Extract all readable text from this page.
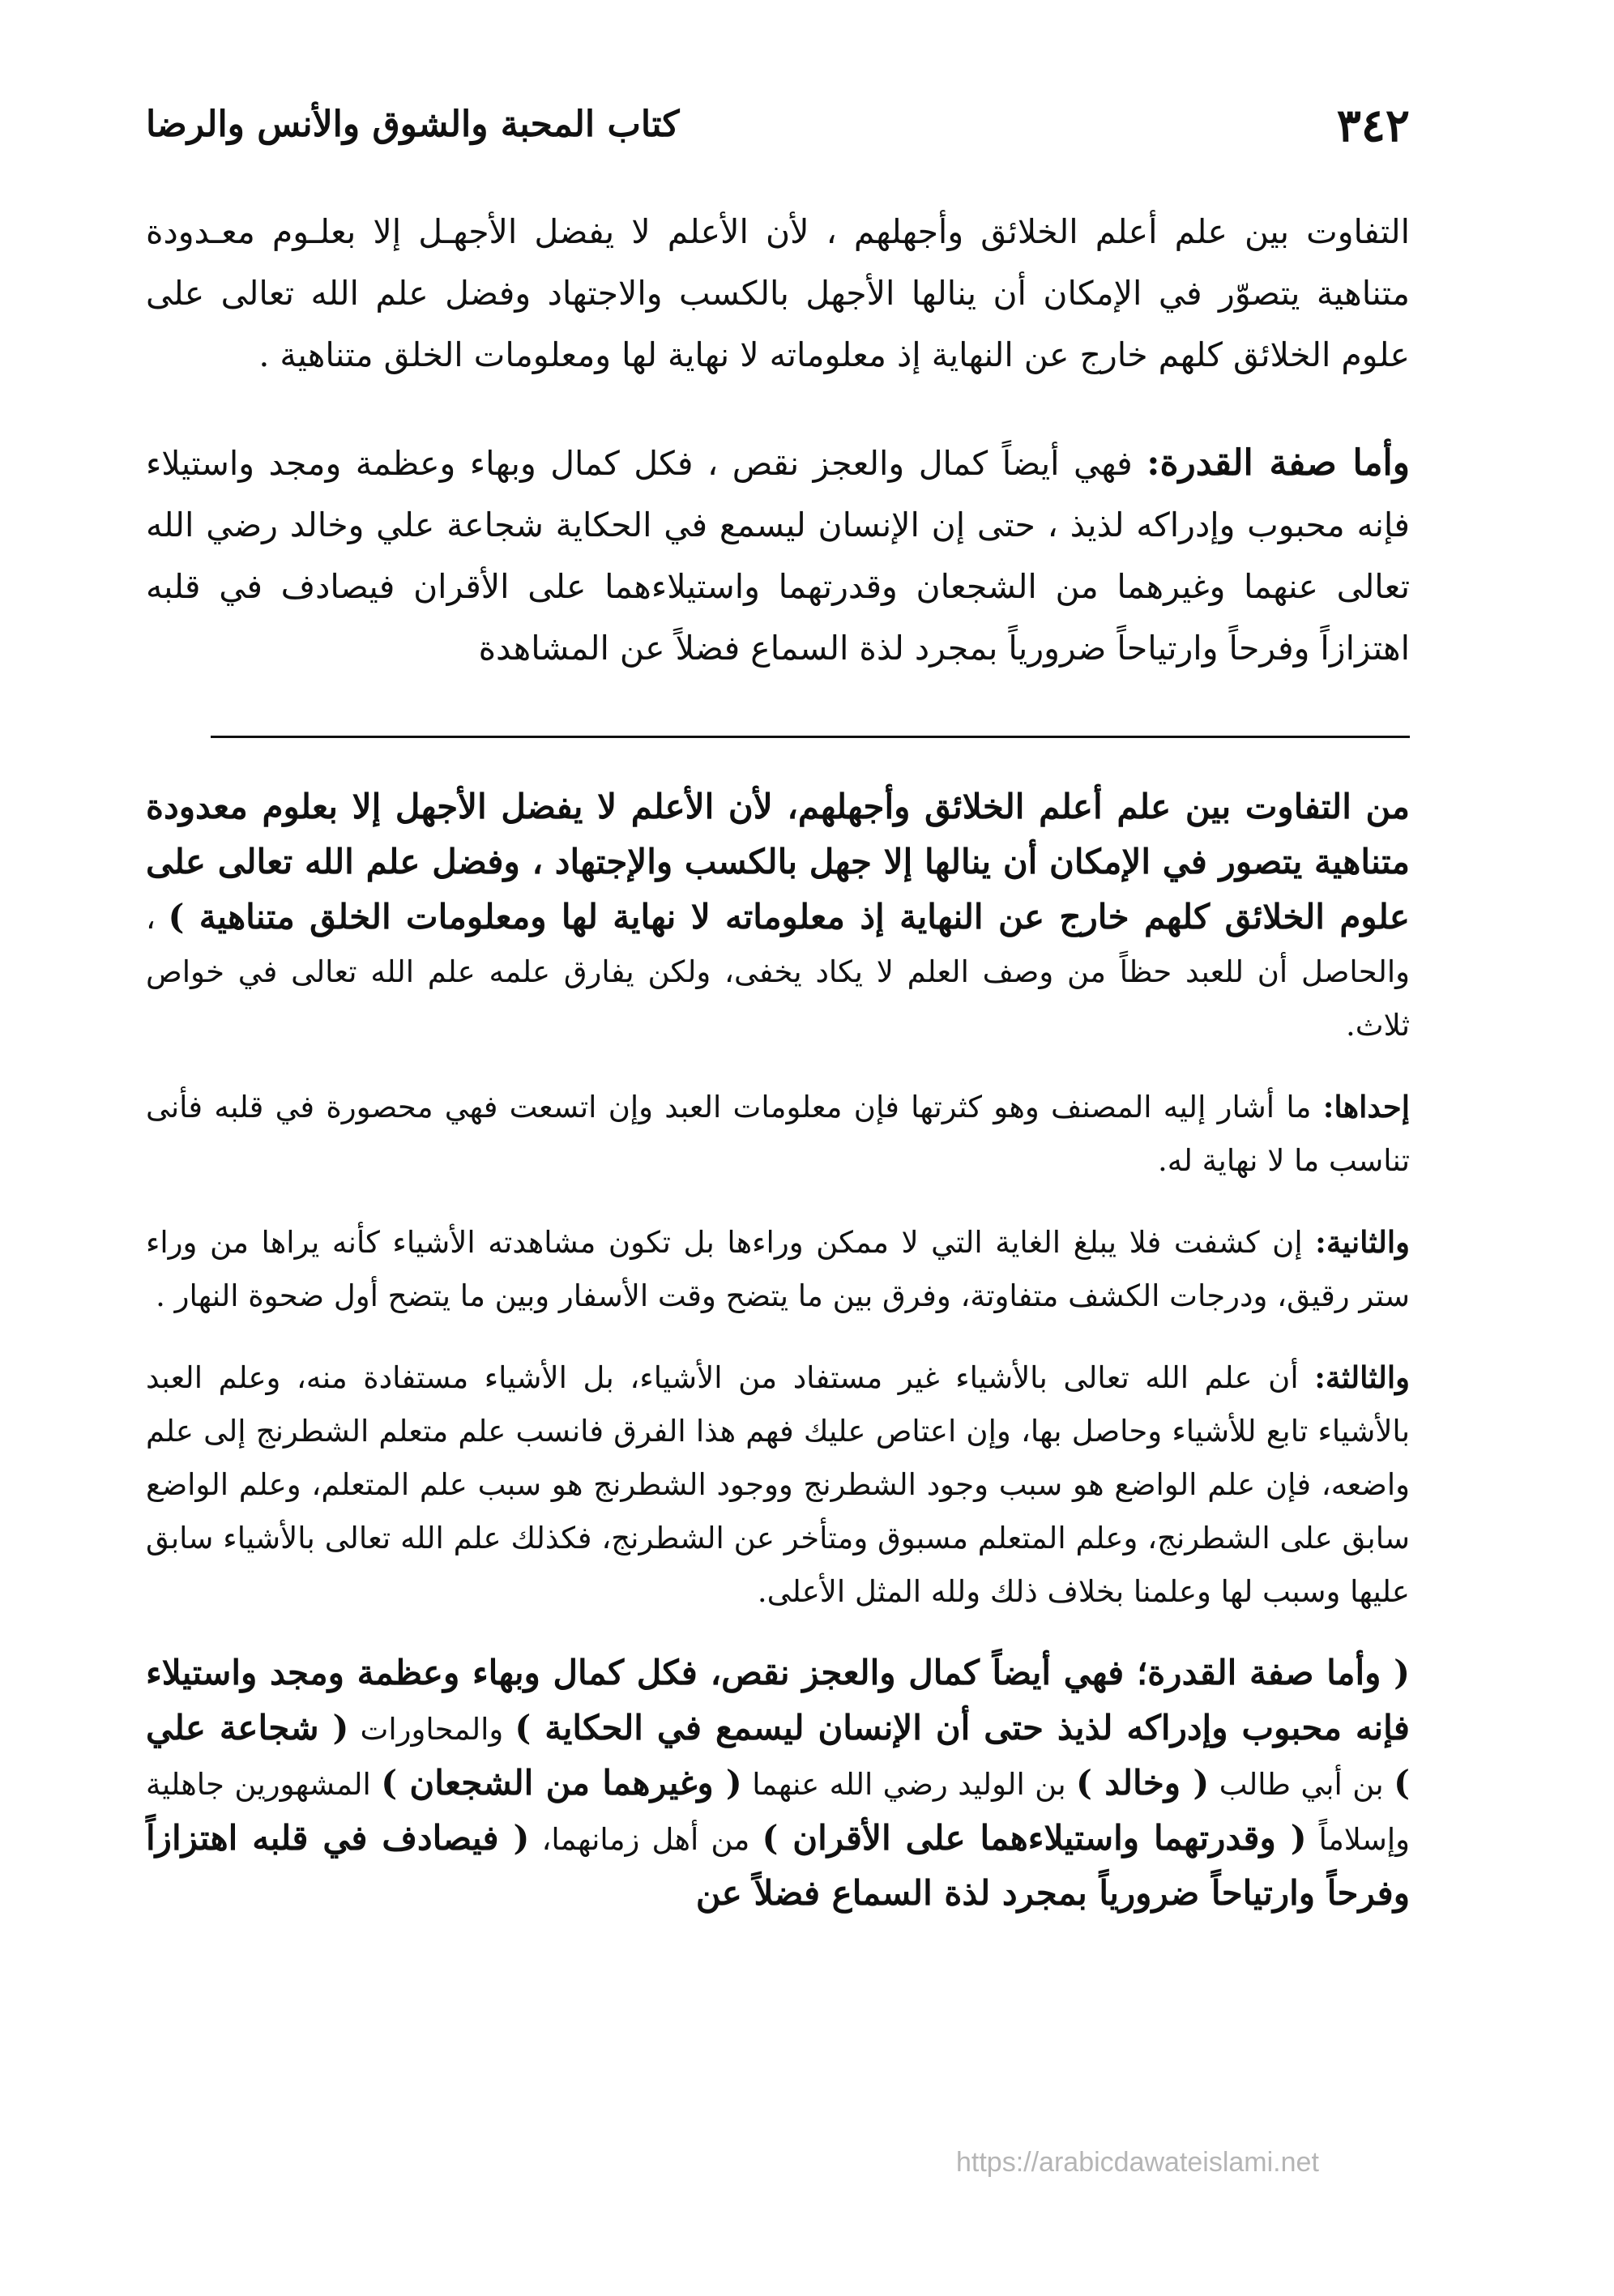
٣٤٢
كتاب المحبة والشوق والأنس والرضا

التفاوت بين علم أعلم الخلائق وأجهلهم ، لأن الأعلم لا يفضل الأجهـل إلا بعلـوم معـدودة متناهية يتصوّر في الإمكان أن ينالها الأجهل بالكسب والاجتهاد وفضل علم الله تعالى على علوم الخلائق كلهم خارج عن النهاية إذ معلوماته لا نهاية لها ومعلومات الخلق متناهية .

وأما صفة القدرة: فهي أيضاً كمال والعجز نقص ، فكل كمال وبهاء وعظمة ومجد واستيلاء فإنه محبوب وإدراكه لذيذ ، حتى إن الإنسان ليسمع في الحكاية شجاعة علي وخالد رضي الله تعالى عنهما وغيرهما من الشجعان وقدرتهما واستيلاءهما على الأقران فيصادف في قلبه اهتزازاً وفرحاً وارتياحاً ضرورياً بمجرد لذة السماع فضلاً عن المشاهدة

من التفاوت بين علم أعلم الخلائق وأجهلهم، لأن الأعلم لا يفضل الأجهل إلا بعلوم معدودة متناهية يتصور في الإمكان أن ينالها إلا جهل بالكسب والإجتهاد ، وفضل علم الله تعالى على علوم الخلائق كلهم خارج عن النهاية إذ معلوماته لا نهاية لها ومعلومات الخلق متناهية ) ، والحاصل أن للعبد حظاً من وصف العلم لا يكاد يخفى، ولكن يفارق علمه علم الله تعالى في خواص ثلاث.

إحداها: ما أشار إليه المصنف وهو كثرتها فإن معلومات العبد وإن اتسعت فهي محصورة في قلبه فأنى تناسب ما لا نهاية له.

والثانية: إن كشفت فلا يبلغ الغاية التي لا ممكن وراءها بل تكون مشاهدته الأشياء كأنه يراها من وراء ستر رقيق، ودرجات الكشف متفاوتة، وفرق بين ما يتضح وقت الأسفار وبين ما يتضح أول ضحوة النهار .

والثالثة: أن علم الله تعالى بالأشياء غير مستفاد من الأشياء، بل الأشياء مستفادة منه، وعلم العبد بالأشياء تابع للأشياء وحاصل بها، وإن اعتاص عليك فهم هذا الفرق فانسب علم متعلم الشطرنج إلى علم واضعه، فإن علم الواضع هو سبب وجود الشطرنج ووجود الشطرنج هو سبب علم المتعلم، وعلم الواضع سابق على الشطرنج، وعلم المتعلم مسبوق ومتأخر عن الشطرنج، فكذلك علم الله تعالى بالأشياء سابق عليها وسبب لها وعلمنا بخلاف ذلك ولله المثل الأعلى.

( وأما صفة القدرة؛ فهي أيضاً كمال والعجز نقص، فكل كمال وبهاء وعظمة ومجد واستيلاء فإنه محبوب وإدراكه لذيذ حتى أن الإنسان ليسمع في الحكاية ) والمحاورات ( شجاعة علي ) بن أبي طالب ( وخالد ) بن الوليد رضي الله عنهما ( وغيرهما من الشجعان ) المشهورين جاهلية وإسلاماً ( وقدرتهما واستيلاءهما على الأقران ) من أهل زمانهما، ( فيصادف في قلبه اهتزازاً وفرحاً وارتياحاً ضرورياً بمجرد لذة السماع فضلاً عن

https://arabicdawateislami.net
